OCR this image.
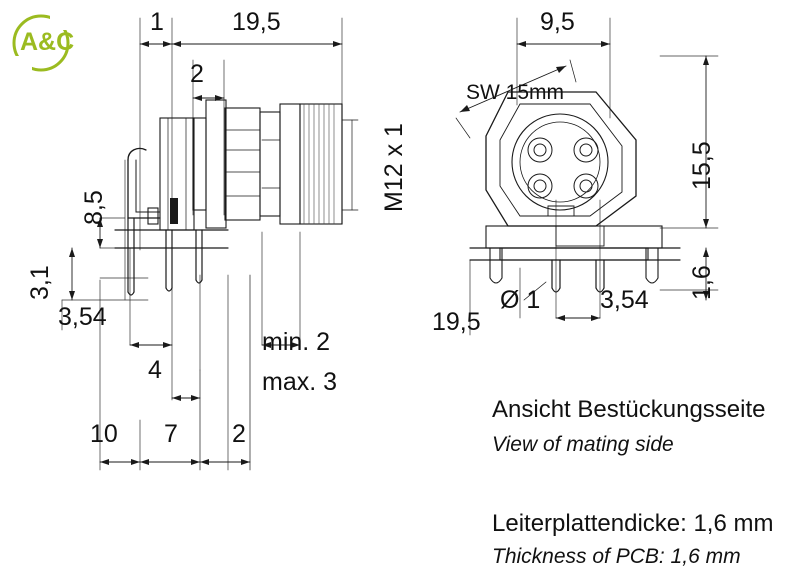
A&C
1	19,5
2
8,5
3,1
3,54
4
10 7 2
M12 x 1
min. 2
max. 3
9,5
SW 15mm
15,5
1,6
19,5
Ø 1 3,54
Ansicht Bestückungsseite
View of mating side
Leiterplattendicke: 1,6 mm
Thickness of PCB: 1,6 mm
